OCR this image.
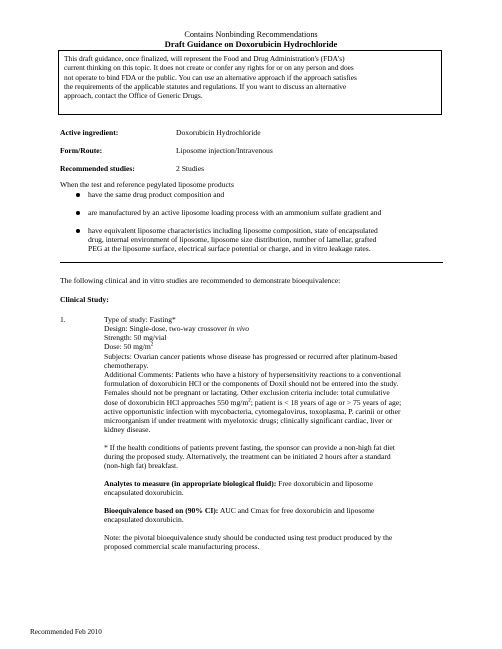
Contains Nonbinding Recommendations
Draft Guidance on Doxorubicin Hydrochloride

This draft guidance, once finalized, will represent the Food and Drug Administration's (FDA's)

current thinking on this topic. It does not create or confer any rights for or on any person and does

not operate to bind FDA or the public. You can use an alternative approach if the approach satisfies

the requirements of the applicable statutes and regulations. If you want to discuss an alternative

approach, contact the Office of Generic Drugs.

Active ingredient:	Doxorubicin Hydrochloride
Form/Route:	Liposome injection/Intravenous
Recommended studies:	2 Studies
When the test and reference pegylated liposome products
have the same drug product composition and
are manufactured by an active liposome loading process with an ammonium sulfate gradient and
have equivalent liposome characteristics including liposome composition, state of encapsulated
drug, internal environment of liposome, liposome size distribution, number of lamellar, grafted
PEG at the liposome surface, electrical surface potential or charge, and in vitro leakage rates.
The following clinical and in vitro studies are recommended to demonstrate bioequivalence:
Clinical Study:
1.	Type of study: Fasting*
Design: Single-dose, two-way crossover in vivo
Strength: 50 mg/vial
Dose: 50 $mg/m^2$
Subjects: Ovarian cancer patients whose disease has progressed or recurred after platinum-based
chemotherapy.
Additional Comments: Patients who have a history of hypersensitivity reactions to a conventional
formulation of doxorubicin HCl or the components of Doxil should not be entered into the study.
Females should not be pregnant or lactating. Other exclusion criteria include: total cumulative
dose of doxorubicin HCl approaches 550 $mg/m^2$; patient is < 18 years of age or > 75 years of age;
active opportunistic infection with mycobacteria, cytomegalovirus, toxoplasma, P. carinii or other
microorganism if under treatment with myelotoxic drugs; clinically significant cardiac, liver or
kidney disease.
* If the health conditions of patients prevent fasting, the sponsor can provide a non-high fat diet
during the proposed study. Alternatively, the treatment can be initiated 2 hours after a standard
(non-high fat) breakfast.
Analytes to measure (in appropriate biological fluid): Free doxorubicin and liposome
encapsulated doxorubicin.
Bioequivalence based on (90% CI): AUC and Cmax for free doxorubicin and liposome
encapsulated doxorubicin.
Note: the pivotal bioequivalence study should be conducted using test product produced by the
proposed commercial scale manufacturing process.
Recommended Feb 2010
